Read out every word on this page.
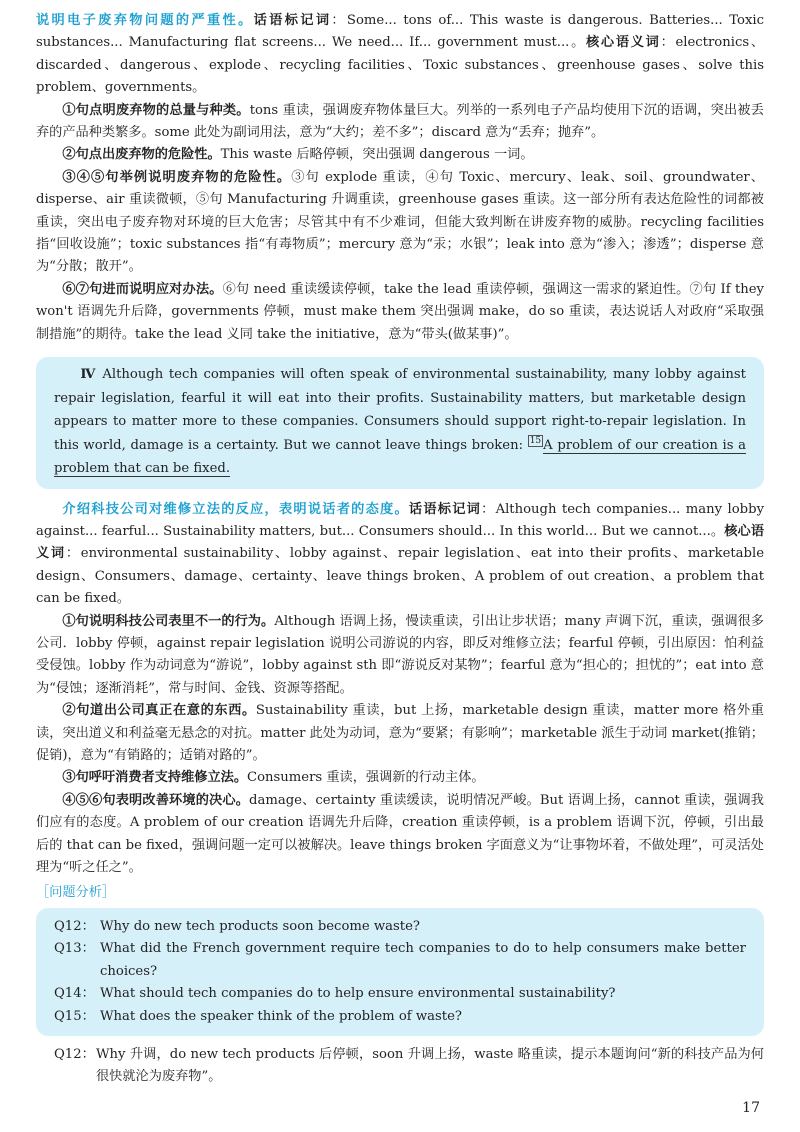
说明电子废弃物问题的严重性。话语标记词：Some... tons of... This waste is dangerous. Batteries... Toxic substances... Manufacturing flat screens... We need... If... government must...。核心语义词：electronics、discarded、dangerous、explode、recycling facilities、Toxic substances、greenhouse gases、solve this problem、governments。

①句点明废弃物的总量与种类。tons 重读，强调废弃物体量巨大。列举的一系列电子产品均使用下沉的语调，突出被丢弃的产品种类繁多。some 此处为副词用法，意为“大约；差不多”；discard 意为“丢弃；抛弃”。

②句点出废弃物的危险性。This waste 后略停顿，突出强调 dangerous 一词。

③④⑤句举例说明废弃物的危险性。③句 explode 重读，④句 Toxic、mercury、leak、soil、groundwater、disperse、air 重读微顿，⑤句 Manufacturing 升调重读，greenhouse gases 重读。这一部分所有表达危险性的词都被重读，突出电子废弃物对环境的巨大危害；尽管其中有不少难词，但能大致判断在讲废弃物的威胁。recycling facilities 指“回收设施”；toxic substances 指“有毒物质”；mercury 意为“汞；水银”；leak into 意为“渗入；渗透”；disperse 意为“分散；散开”。

⑥⑦句进而说明应对办法。⑥句 need 重读缓读停顿，take the lead 重读停顿，强调这一需求的紧迫性。⑦句 If they won't 语调先升后降，governments 停顿，must make them 突出强调 make，do so 重读，表达说话人对政府“采取强制措施”的期待。take the lead 义同 take the initiative，意为“带头(做某事)”。

Ⅳ Although tech companies will often speak of environmental sustainability, many lobby against repair legislation, fearful it will eat into their profits. Sustainability matters, but marketable design appears to matter more to these companies. Consumers should support right-to-repair legislation. In this world, damage is a certainty. But we cannot leave things broken: $^{15}$ A problem of our creation is a problem that can be fixed.

介绍科技公司对维修立法的反应，表明说话者的态度。话语标记词：Although tech companies... many lobby against... fearful... Sustainability matters, but... Consumers should... In this world... But we cannot...。核心语义词：environmental sustainability、lobby against、repair legislation、eat into their profits、marketable design、Consumers、damage、certainty、leave things broken、A problem of out creation、a problem that can be fixed。

①句说明科技公司表里不一的行为。Although 语调上扬，慢读重读，引出让步状语；many 声调下沉，重读，强调很多公司．lobby 停顿，against repair legislation 说明公司游说的内容，即反对维修立法；fearful 停顿，引出原因：怕利益受侵蚀。lobby 作为动词意为“游说”，lobby against sth 即“游说反对某物”；fearful 意为“担心的；担忧的”；eat into 意为“侵蚀；逐渐消耗”，常与时间、金钱、资源等搭配。

②句道出公司真正在意的东西。Sustainability 重读，but 上扬，marketable design 重读，matter more 格外重读，突出道义和利益毫无悬念的对抗。matter 此处为动词，意为“要紧；有影响”；marketable 派生于动词 market(推销；促销)，意为“有销路的；适销对路的”。

③句呼吁消费者支持维修立法。Consumers 重读，强调新的行动主体。

④⑤⑥句表明改善环境的决心。damage、certainty 重读缓读，说明情况严峻。But 语调上扬，cannot 重读，强调我们应有的态度。A problem of our creation 语调先升后降，creation 重读停顿，is a problem 语调下沉，停顿，引出最后的 that can be fixed，强调问题一定可以被解决。leave things broken 字面意义为“让事物坏着，不做处理”，可灵活处理为“听之任之”。

［问题分析］

Q12： Why do new tech products soon become waste?
Q13： What did the French government require tech companies to do to help consumers make better choices?
Q14： What should tech companies do to help ensure environmental sustainability?
Q15： What does the speaker think of the problem of waste?
Q12： Why 升调，do new tech products 后停顿，soon 升调上扬，waste 略重读，提示本题询问“新的科技产品为何很快就沦为废弃物”。
17
